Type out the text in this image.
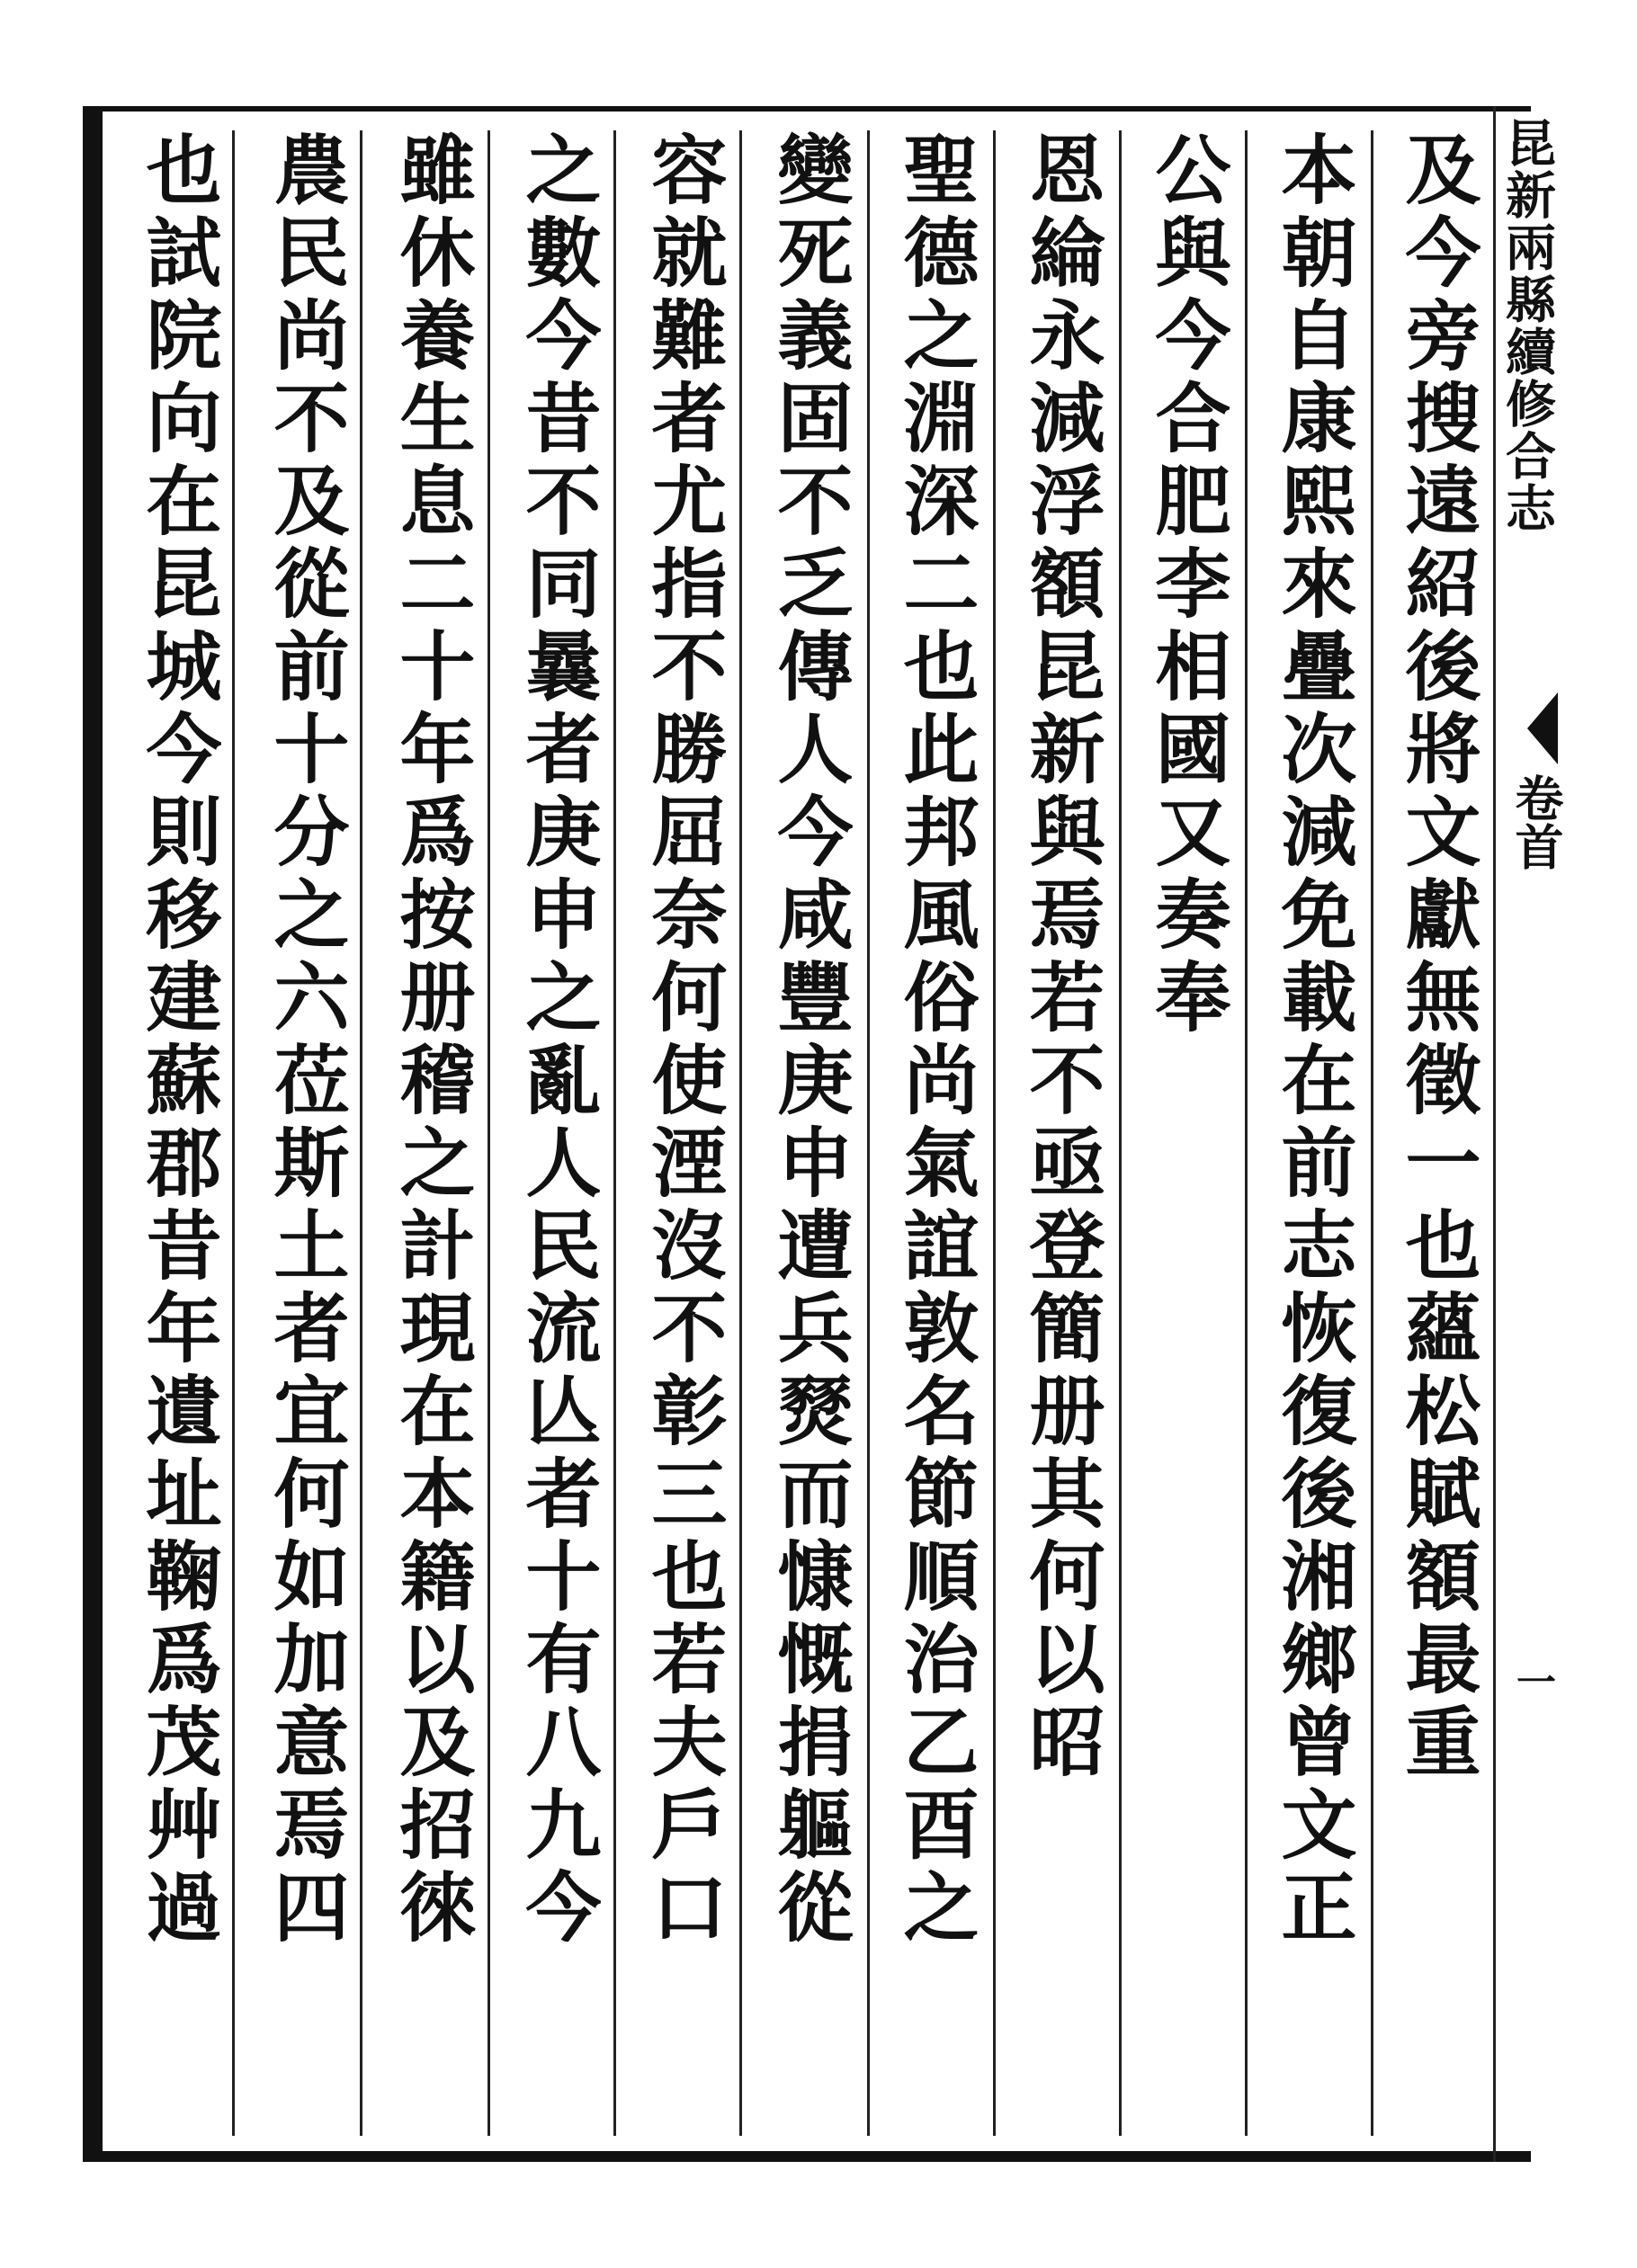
及今旁搜遠紹後將文獻無徵一也蘊松賦額最重
本朝自康熙來疊次減免載在前志恢復後湘鄉曾文正
公與今合肥李相國又奏奉
恩綸永減浮額昆新與焉若不亟登簡册其何以昭
聖德之淵深二也此邦風俗尚氣誼敦名節順治乙酉之
變死義固不乏傳人今咸豐庚申遭兵燹而慷慨捐軀從
容就難者尤指不勝屈奈何使湮沒不彰三也若夫戶口
之數今昔不同曩者庚申之亂人民流亾者十有八九今
雖休養生息二十年爲按册稽之計現在本籍以及招徠
農民尚不及從前十分之六莅斯土者宜何如加意焉四
也試院向在昆城今則移建蘇郡昔年遺址鞠爲茂艸過	昆新兩縣續修合志
卷首
一
